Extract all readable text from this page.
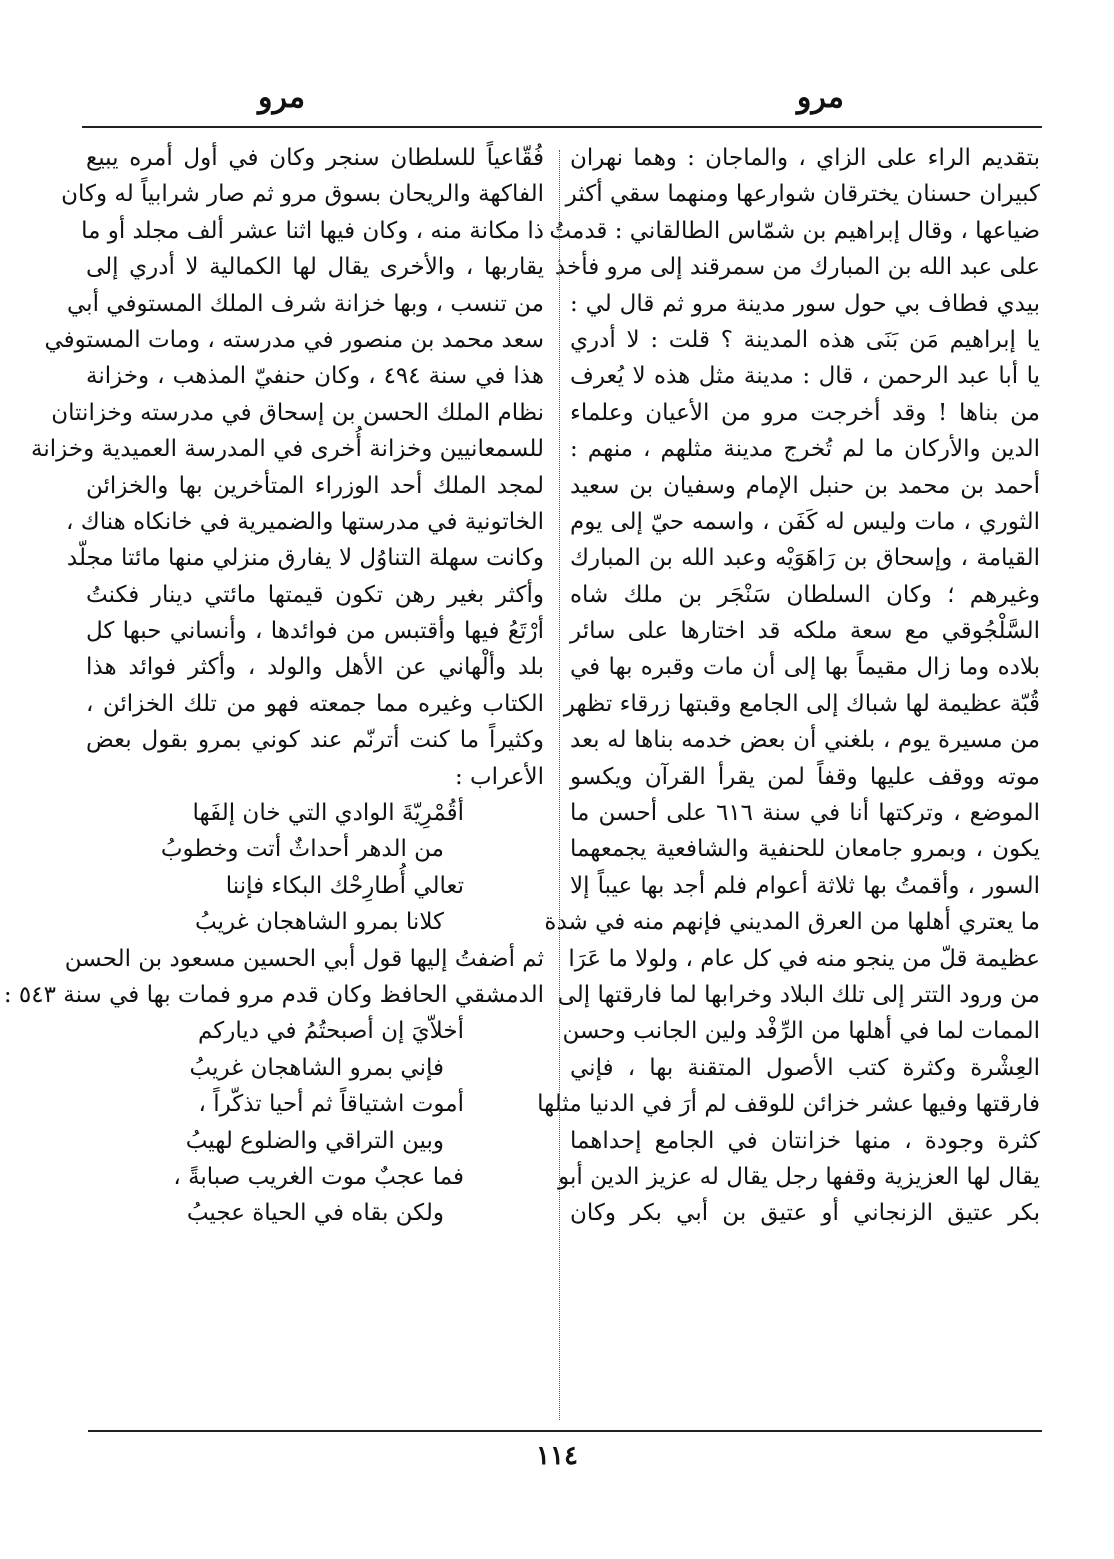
مرو
مرو
بتقديم الراء على الزاي ، والماجان : وهما نهران
كبيران حسنان يخترقان شوارعها ومنهما سقي أكثر
ضياعها ، وقال إبراهيم بن شمّاس الطالقاني : قدمتُ
على عبد الله بن المبارك من سمرقند إلى مرو فأخذ
بيدي فطاف بي حول سور مدينة مرو ثم قال لي :
يا إبراهيم مَن بَنَى هذه المدينة ؟ قلت : لا أدري
يا أبا عبد الرحمن ، قال : مدينة مثل هذه لا يُعرف
من بناها ! وقد أخرجت مرو من الأعيان وعلماء
الدين والأركان ما لم تُخرج مدينة مثلهم ، منهم :
أحمد بن محمد بن حنبل الإمام وسفيان بن سعيد
الثوري ، مات وليس له كَفَن ، واسمه حيّ إلى يوم
القيامة ، وإسحاق بن رَاهَوَيْه وعبد الله بن المبارك
وغيرهم ؛ وكان السلطان سَنْجَر بن ملك شاه
السَّلْجُوقي مع سعة ملكه قد اختارها على سائر
بلاده وما زال مقيماً بها إلى أن مات وقبره بها في
قُبّة عظيمة لها شباك إلى الجامع وقبتها زرقاء تظهر
من مسيرة يوم ، بلغني أن بعض خدمه بناها له بعد
موته ووقف عليها وقفاً لمن يقرأ القرآن ويكسو
الموضع ، وتركتها أنا في سنة ٦١٦ على أحسن ما
يكون ، وبمرو جامعان للحنفية والشافعية يجمعهما
السور ، وأقمتُ بها ثلاثة أعوام فلم أجد بها عيباً إلا
ما يعتري أهلها من العرق المديني فإنهم منه في شدة
عظيمة قلّ من ينجو منه في كل عام ، ولولا ما عَرَا
من ورود التتر إلى تلك البلاد وخرابها لما فارقتها إلى
الممات لما في أهلها من الرِّفْد ولين الجانب وحسن
العِشْرة وكثرة كتب الأصول المتقنة بها ، فإني
فارقتها وفيها عشر خزائن للوقف لم أرَ في الدنيا مثلها
كثرة وجودة ، منها خزانتان في الجامع إحداهما
يقال لها العزيزية وقفها رجل يقال له عزيز الدين أبو
بكر عتيق الزنجاني أو عتيق بن أبي بكر وكان
فُقّاعياً للسلطان سنجر وكان في أول أمره يبيع
الفاكهة والريحان بسوق مرو ثم صار شرابياً له وكان
ذا مكانة منه ، وكان فيها اثنا عشر ألف مجلد أو ما
يقاربها ، والأخرى يقال لها الكمالية لا أدري إلى
من تنسب ، وبها خزانة شرف الملك المستوفي أبي
سعد محمد بن منصور في مدرسته ، ومات المستوفي
هذا في سنة ٤٩٤ ، وكان حنفيّ المذهب ، وخزانة
نظام الملك الحسن بن إسحاق في مدرسته وخزانتان
للسمعانيين وخزانة أُخرى في المدرسة العميدية وخزانة
لمجد الملك أحد الوزراء المتأخرين بها والخزائن
الخاتونية في مدرستها والضميرية في خانكاه هناك ،
وكانت سهلة التناوُل لا يفارق منزلي منها مائتا مجلّد
وأكثر بغير رهن تكون قيمتها مائتي دينار فكنتُ
أرْتَعُ فيها وأقتبس من فوائدها ، وأنساني حبها كل
بلد وألْهاني عن الأهل والولد ، وأكثر فوائد هذا
الكتاب وغيره مما جمعته فهو من تلك الخزائن ،
وكثيراً ما كنت أترنّم عند كوني بمرو بقول بعض
الأعراب :
أقُمْرِيّةَ الوادي التي خان إلفَها
من الدهر أحداثٌ أتت وخطوبُ
تعالي أُطارِحْك البكاء فإننا
كلانا بمرو الشاهجان غريبُ
ثم أضفتُ إليها قول أبي الحسين مسعود بن الحسن
الدمشقي الحافظ وكان قدم مرو فمات بها في سنة ٥٤٣ :
أخلاّيَ إن أصبحتُمُ في دياركم
فإني بمرو الشاهجان غريبُ
أموت اشتياقاً ثم أحيا تذكّراً ،
وبين التراقي والضلوع لهيبُ
فما عجبٌ موت الغريب صبابةً ،
ولكن بقاه في الحياة عجيبُ
١١٤
